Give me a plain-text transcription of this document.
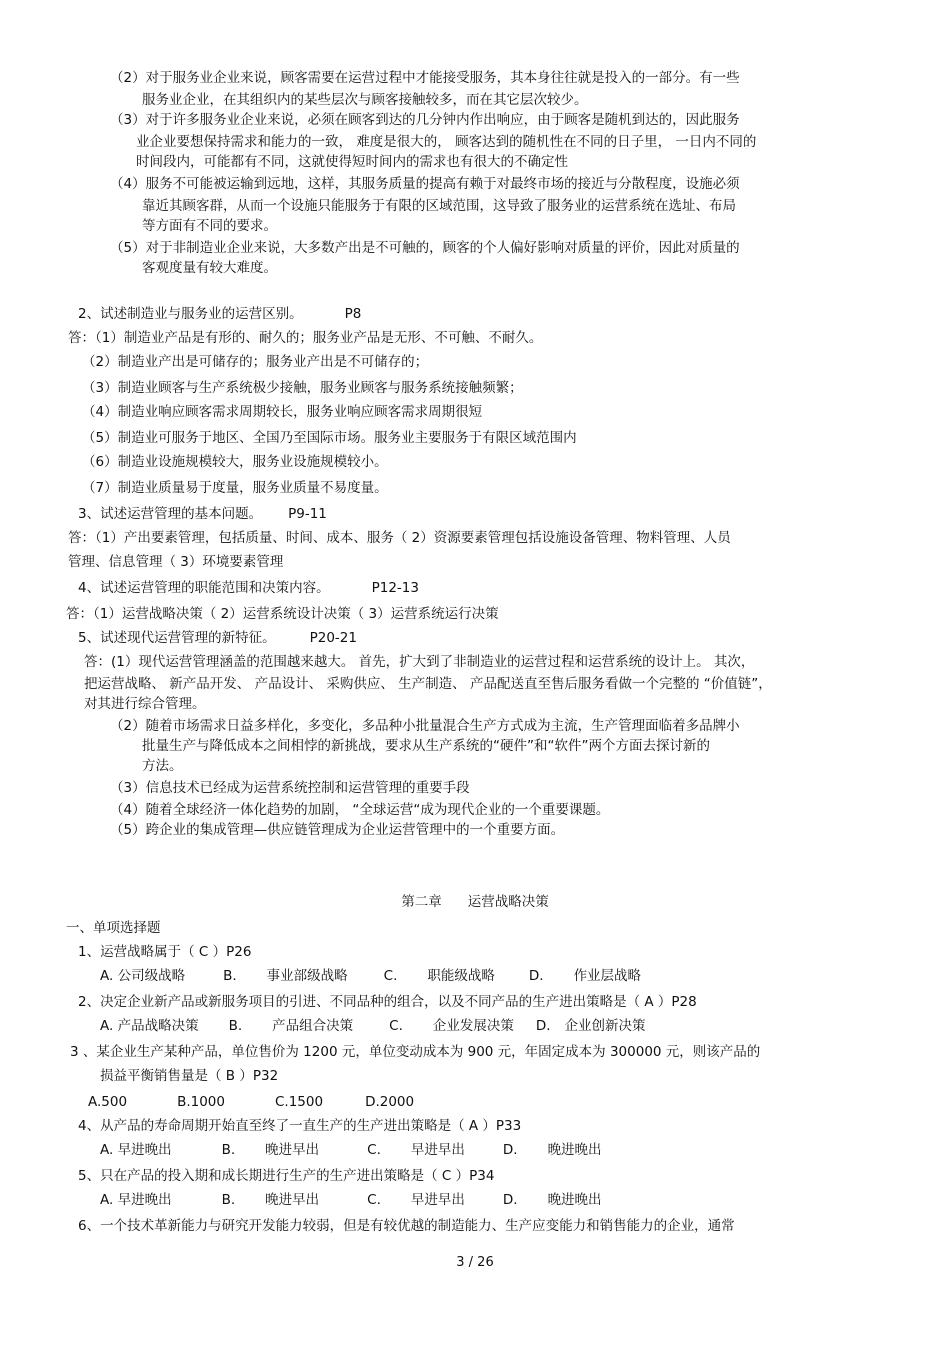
（2）对于服务业企业来说，顾客需要在运营过程中才能接受服务，其本身往往就是投入的一部分。有一些
服务业企业，在其组织内的某些层次与顾客接触较多，而在其它层次较少。
（3）对于许多服务业企业来说，必须在顾客到达的几分钟内作出响应，由于顾客是随机到达的，因此服务
业企业要想保持需求和能力的一致， 难度是很大的， 顾客达到的随机性在不同的日子里， 一日内不同的
时间段内，可能都有不同，这就使得短时间内的需求也有很大的不确定性
（4）服务不可能被运输到远地，这样，其服务质量的提高有赖于对最终市场的接近与分散程度，设施必须
靠近其顾客群，从而一个设施只能服务于有限的区域范围，这导致了服务业的运营系统在选址、布局
等方面有不同的要求。
（5）对于非制造业企业来说，大多数产出是不可触的，顾客的个人偏好影响对质量的评价，因此对质量的
客观度量有较大难度。
2、试述制造业与服务业的运营区别。	P8
答：（1）制造业产品是有形的、耐久的；服务业产品是无形、不可触、不耐久。
（2）制造业产出是可储存的；服务业产出是不可储存的；
（3）制造业顾客与生产系统极少接触，服务业顾客与服务系统接触频繁；
（4）制造业响应顾客需求周期较长，服务业响应顾客需求周期很短
（5）制造业可服务于地区、全国乃至国际市场。服务业主要服务于有限区域范围内
（6）制造业设施规模较大，服务业设施规模较小。
（7）制造业质量易于度量，服务业质量不易度量。
3、试述运营管理的基本问题。 P9-11
答：（1）产出要素管理，包括质量、时间、成本、服务（ 2）资源要素管理包括设施设备管理、物料管理、人员
管理、信息管理（ 3）环境要素管理
4、试述运营管理的职能范围和决策内容。	P12-13
答：（1）运营战略决策（ 2）运营系统设计决策（ 3）运营系统运行决策
5、试述现代运营管理的新特征。	P20-21
答：(1）现代运营管理涵盖的范围越来越大。 首先，扩大到了非制造业的运营过程和运营系统的设计上。 其次，
把运营战略、 新产品开发、 产品设计、 采购供应、 生产制造、 产品配送直至售后服务看做一个完整的 “价值链”，
对其进行综合管理。
（2）随着市场需求日益多样化，多变化，多品种小批量混合生产方式成为主流，生产管理面临着多品牌小
批量生产与降低成本之间相悖的新挑战，要求从生产系统的“硬件”和“软件”两个方面去探讨新的
方法。
（3）信息技术已经成为运营系统控制和运营管理的重要手段
（4）随着全球经济一体化趋势的加剧， “全球运营“成为现代企业的一个重要课题。
（5）跨企业的集成管理—供应链管理成为企业运营管理中的一个重要方面。
第二章 运营战略决策
一、单项选择题
1、运营战略属于（ C ）P26
A. 公司级战略	B. 事业部级战略	C. 职能级战略	D. 作业层战略
2、决定企业新产品或新服务项目的引进、不同品种的组合，以及不同产品的生产进出策略是（ A ）P28
A. 产品战略决策 B. 产品组合决策	C. 企业发展决策 D. 企业创新决策
3 、某企业生产某种产品，单位售价为 1200 元，单位变动成本为 900 元，年固定成本为 300000 元，则该产品的
损益平衡销售量是（ B ）P32
A.500	B.1000	C.1500	D.2000
4、从产品的寿命周期开始直至终了一直生产的生产进出策略是（ A ）P33
A. 早进晚出	B. 晚进早出	C. 早进早出	D. 晚进晚出
5、只在产品的投入期和成长期进行生产的生产进出策略是（ C ）P34
A. 早进晚出	B. 晚进早出	C. 早进早出	D. 晚进晚出
6、一个技术革新能力与研究开发能力较弱，但是有较优越的制造能力、生产应变能力和销售能力的企业，通常
3 / 26
